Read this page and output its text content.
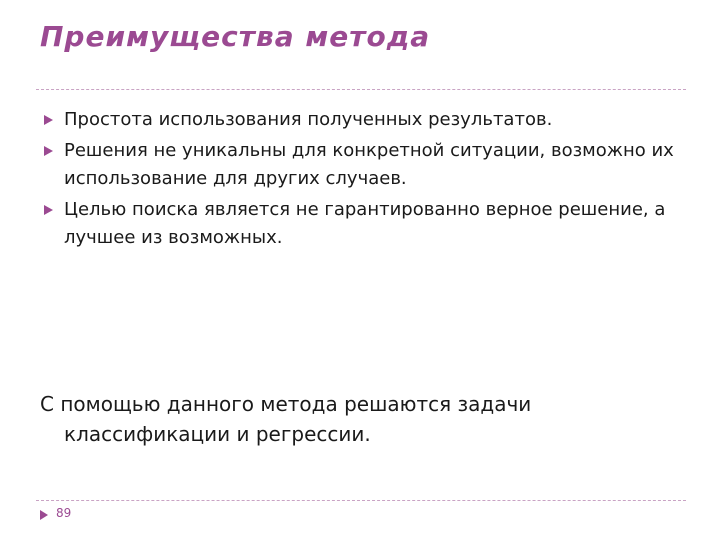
Преимущества метода
Простота использования полученных результатов.
Решения не уникальны для конкретной ситуации, возможно их использование для других случаев.
Целью поиска является не гарантированно верное решение, а лучшее из возможных.
С помощью данного метода решаются задачи классификации и регрессии.
89
